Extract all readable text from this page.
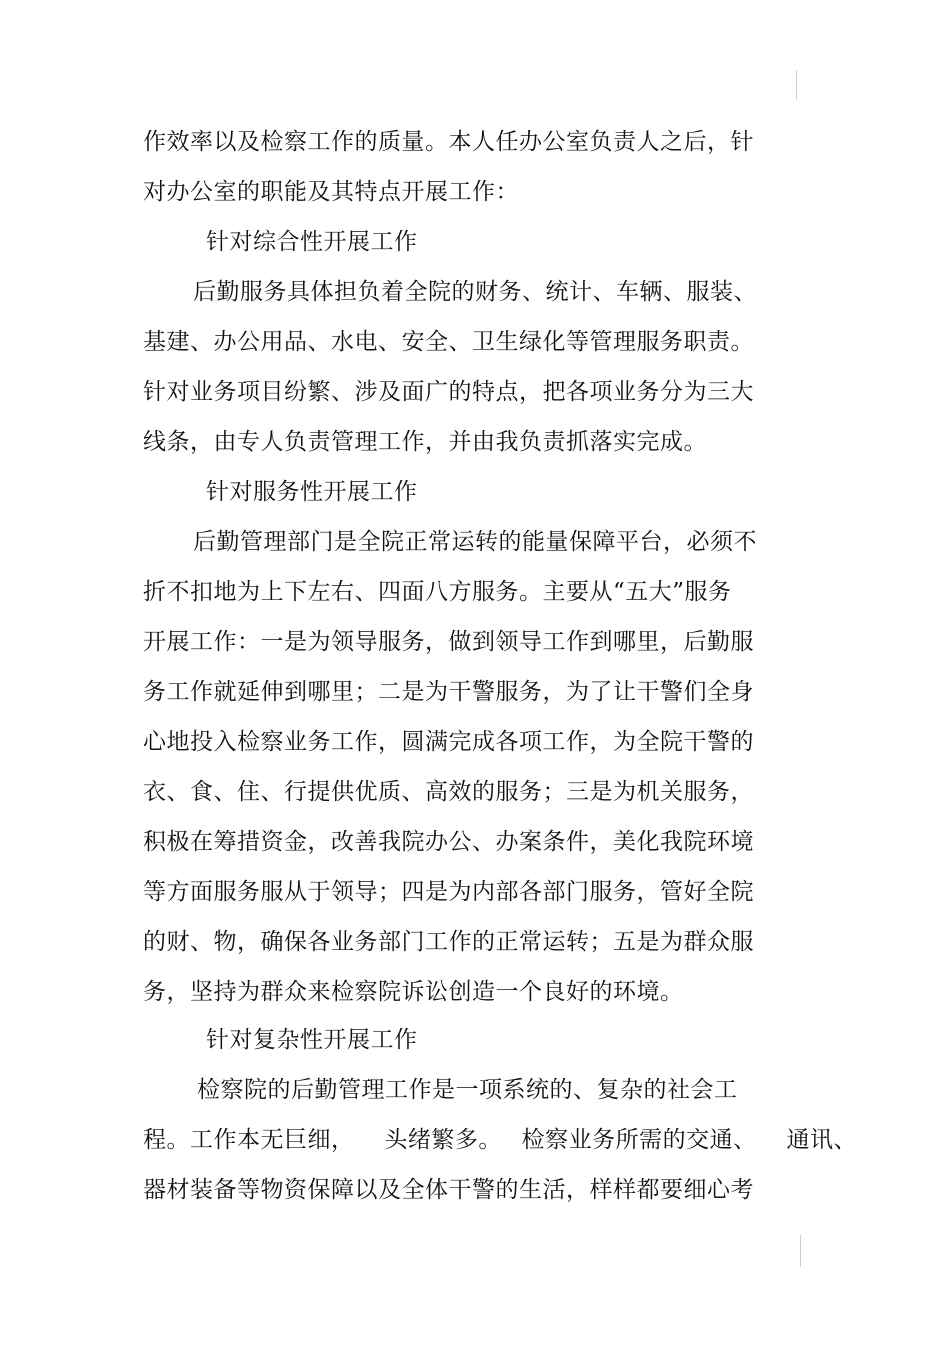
作效率以及检察工作的质量。本人任办公室负责人之后，针
对办公室的职能及其特点开展工作：
针对综合性开展工作
后勤服务具体担负着全院的财务、统计、车辆、服装、
基建、办公用品、水电、安全、卫生绿化等管理服务职责。
针对业务项目纷繁、涉及面广的特点，把各项业务分为三大
线条，由专人负责管理工作，并由我负责抓落实完成。
针对服务性开展工作
后勤管理部门是全院正常运转的能量保障平台，必须不
折不扣地为上下左右、四面八方服务。主要从“五大”服务
开展工作：一是为领导服务，做到领导工作到哪里，后勤服
务工作就延伸到哪里；二是为干警服务，为了让干警们全身
心地投入检察业务工作，圆满完成各项工作，为全院干警的
衣、食、住、行提供优质、高效的服务；三是为机关服务，
积极在筹措资金，改善我院办公、办案条件，美化我院环境
等方面服务服从于领导；四是为内部各部门服务，管好全院
的财、物，确保各业务部门工作的正常运转；五是为群众服
务，坚持为群众来检察院诉讼创造一个良好的环境。
针对复杂性开展工作
检察院的后勤管理工作是一项系统的、复杂的社会工
程。工作本无巨细， 头绪繁多。 检察业务所需的交通、 通讯、
器材装备等物资保障以及全体干警的生活，样样都要细心考
